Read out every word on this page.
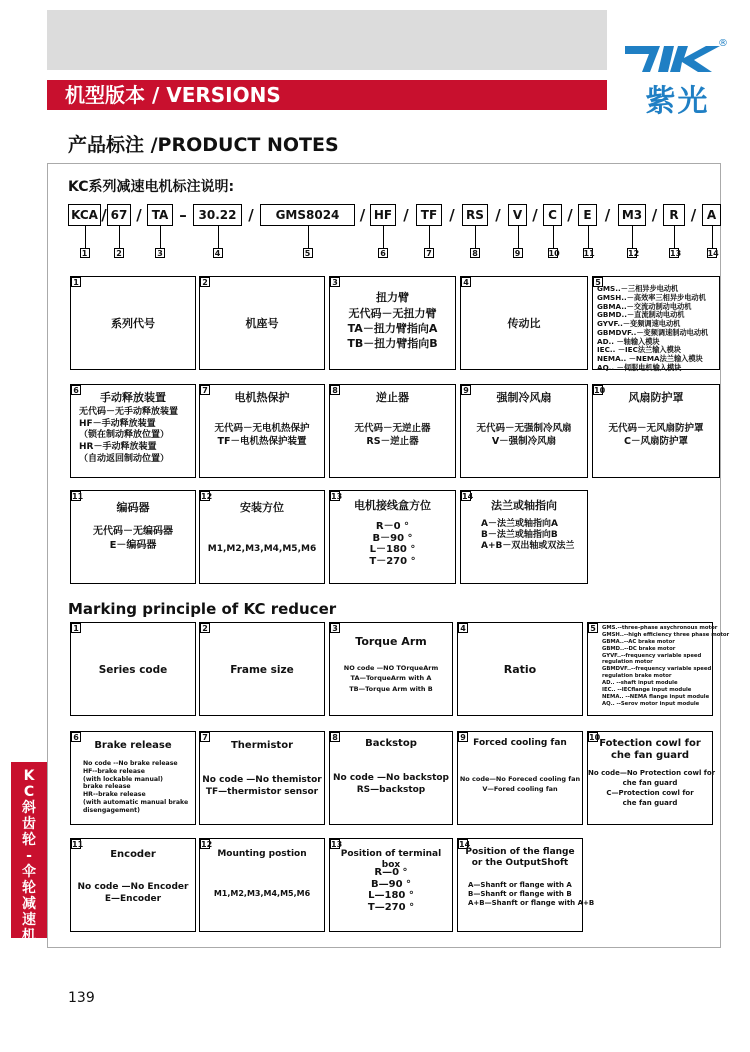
机型版本 / VERSIONS
®
紫光
产品标注 /PRODUCT NOTES
KC系列减速电机标注说明:
KCA	67	TA	30.22	GMS8024	HF	TF	RS	V	C	E	M3	R	A
/ /	–	/	/	/	/	/ / / /	/ /
1	2	3	4	5	6	7	8	9	10	11	12	13	14
1
系列代号
2
机座号
3
扭力臂
无代码－无扭力臂
TA－扭力臂指向A
TB－扭力臂指向B
4
传动比
5
GMS..－三相异步电动机
GMSH..－高效率三相异步电动机
GBMA..－交流动制动电动机
GBMD..－直流制动电动机
GYVF..－变频调速电动机
GBMDVF..－变频调速制动电动机
AD.. －轴输入模块
IEC.. －IEC法兰输入模块
NEMA.. －NEMA法兰输入模块
AQ.. －伺服电机输入模块
6
手动释放装置
无代码－无手动释放装置
HF－手动释放装置
（锁在制动释放位置）
HR－手动释放装置
（自动返回制动位置）
7
电机热保护
无代码－无电机热保护
TF－电机热保护装置
8
逆止器
无代码－无逆止器
RS－逆止器
9
强制冷风扇
无代码－无强制冷风扇
V－强制冷风扇
10
风扇防护罩
无代码－无风扇防护罩
C－风扇防护罩
11
编码器
无代码－无编码器
E－编码器
12
安装方位
M1,M2,M3,M4,M5,M6
13
电机接线盒方位
R－0 °
B－90 °
L－180 °
T－270 °
14
法兰或轴指向
A－法兰或轴指向A
B－法兰或轴指向B
A+B－双出轴或双法兰
Marking principle of KC reducer
1
Series code
2
Frame size
3
Torque Arm
NO code —NO TOrqueArm
TA—TorqueArm with A
TB—Torque Arm with B
4
Ratio
5	GMS.--three-phase asychronous motor
GMSH..--high efficiency three phase motor
GBMA..--AC brake motor
GBMD..--DC brake motor
GYVF..--frequency variable speed
regulation motor
GBMDVF..--frequency variable speed
regulation brake motor
AD.. --shaft input module
IEC.. --IECflange input module
NEMA.. --NEMA flange input module
AQ.. --Serov motor input module
6
Brake release
No code --No brake release
HF--brake release
(with lockable manual)
brake release
HR--brake release
(with automatic manual brake
disengagement)
7
Thermistor
No code —No themistor
TF—thermistor sensor
8
Backstop
No code —No backstop
RS—backstop
9
Forced cooling fan
No code—No Foreced cooling fan
V—Fored cooling fan
10
Fotection cowl for che fan guard
No code—No Protection cowl for
che fan guard
C—Protection cowl for
che fan guard
11
Encoder
No code —No Encoder
E—Encoder
12
Mounting postion
M1,M2,M3,M4,M5,M6
13
Position of terminal box
R—0 °
B—90 °
L—180 °
T—270 °
14
Position of the flange or the OutputShoft
A—Shanft or flange with A
B—Shanft or flange with B
A+B—Shanft or flange with A+B
K
C
斜
齿
轮
-
伞
轮
减
速
机
139
